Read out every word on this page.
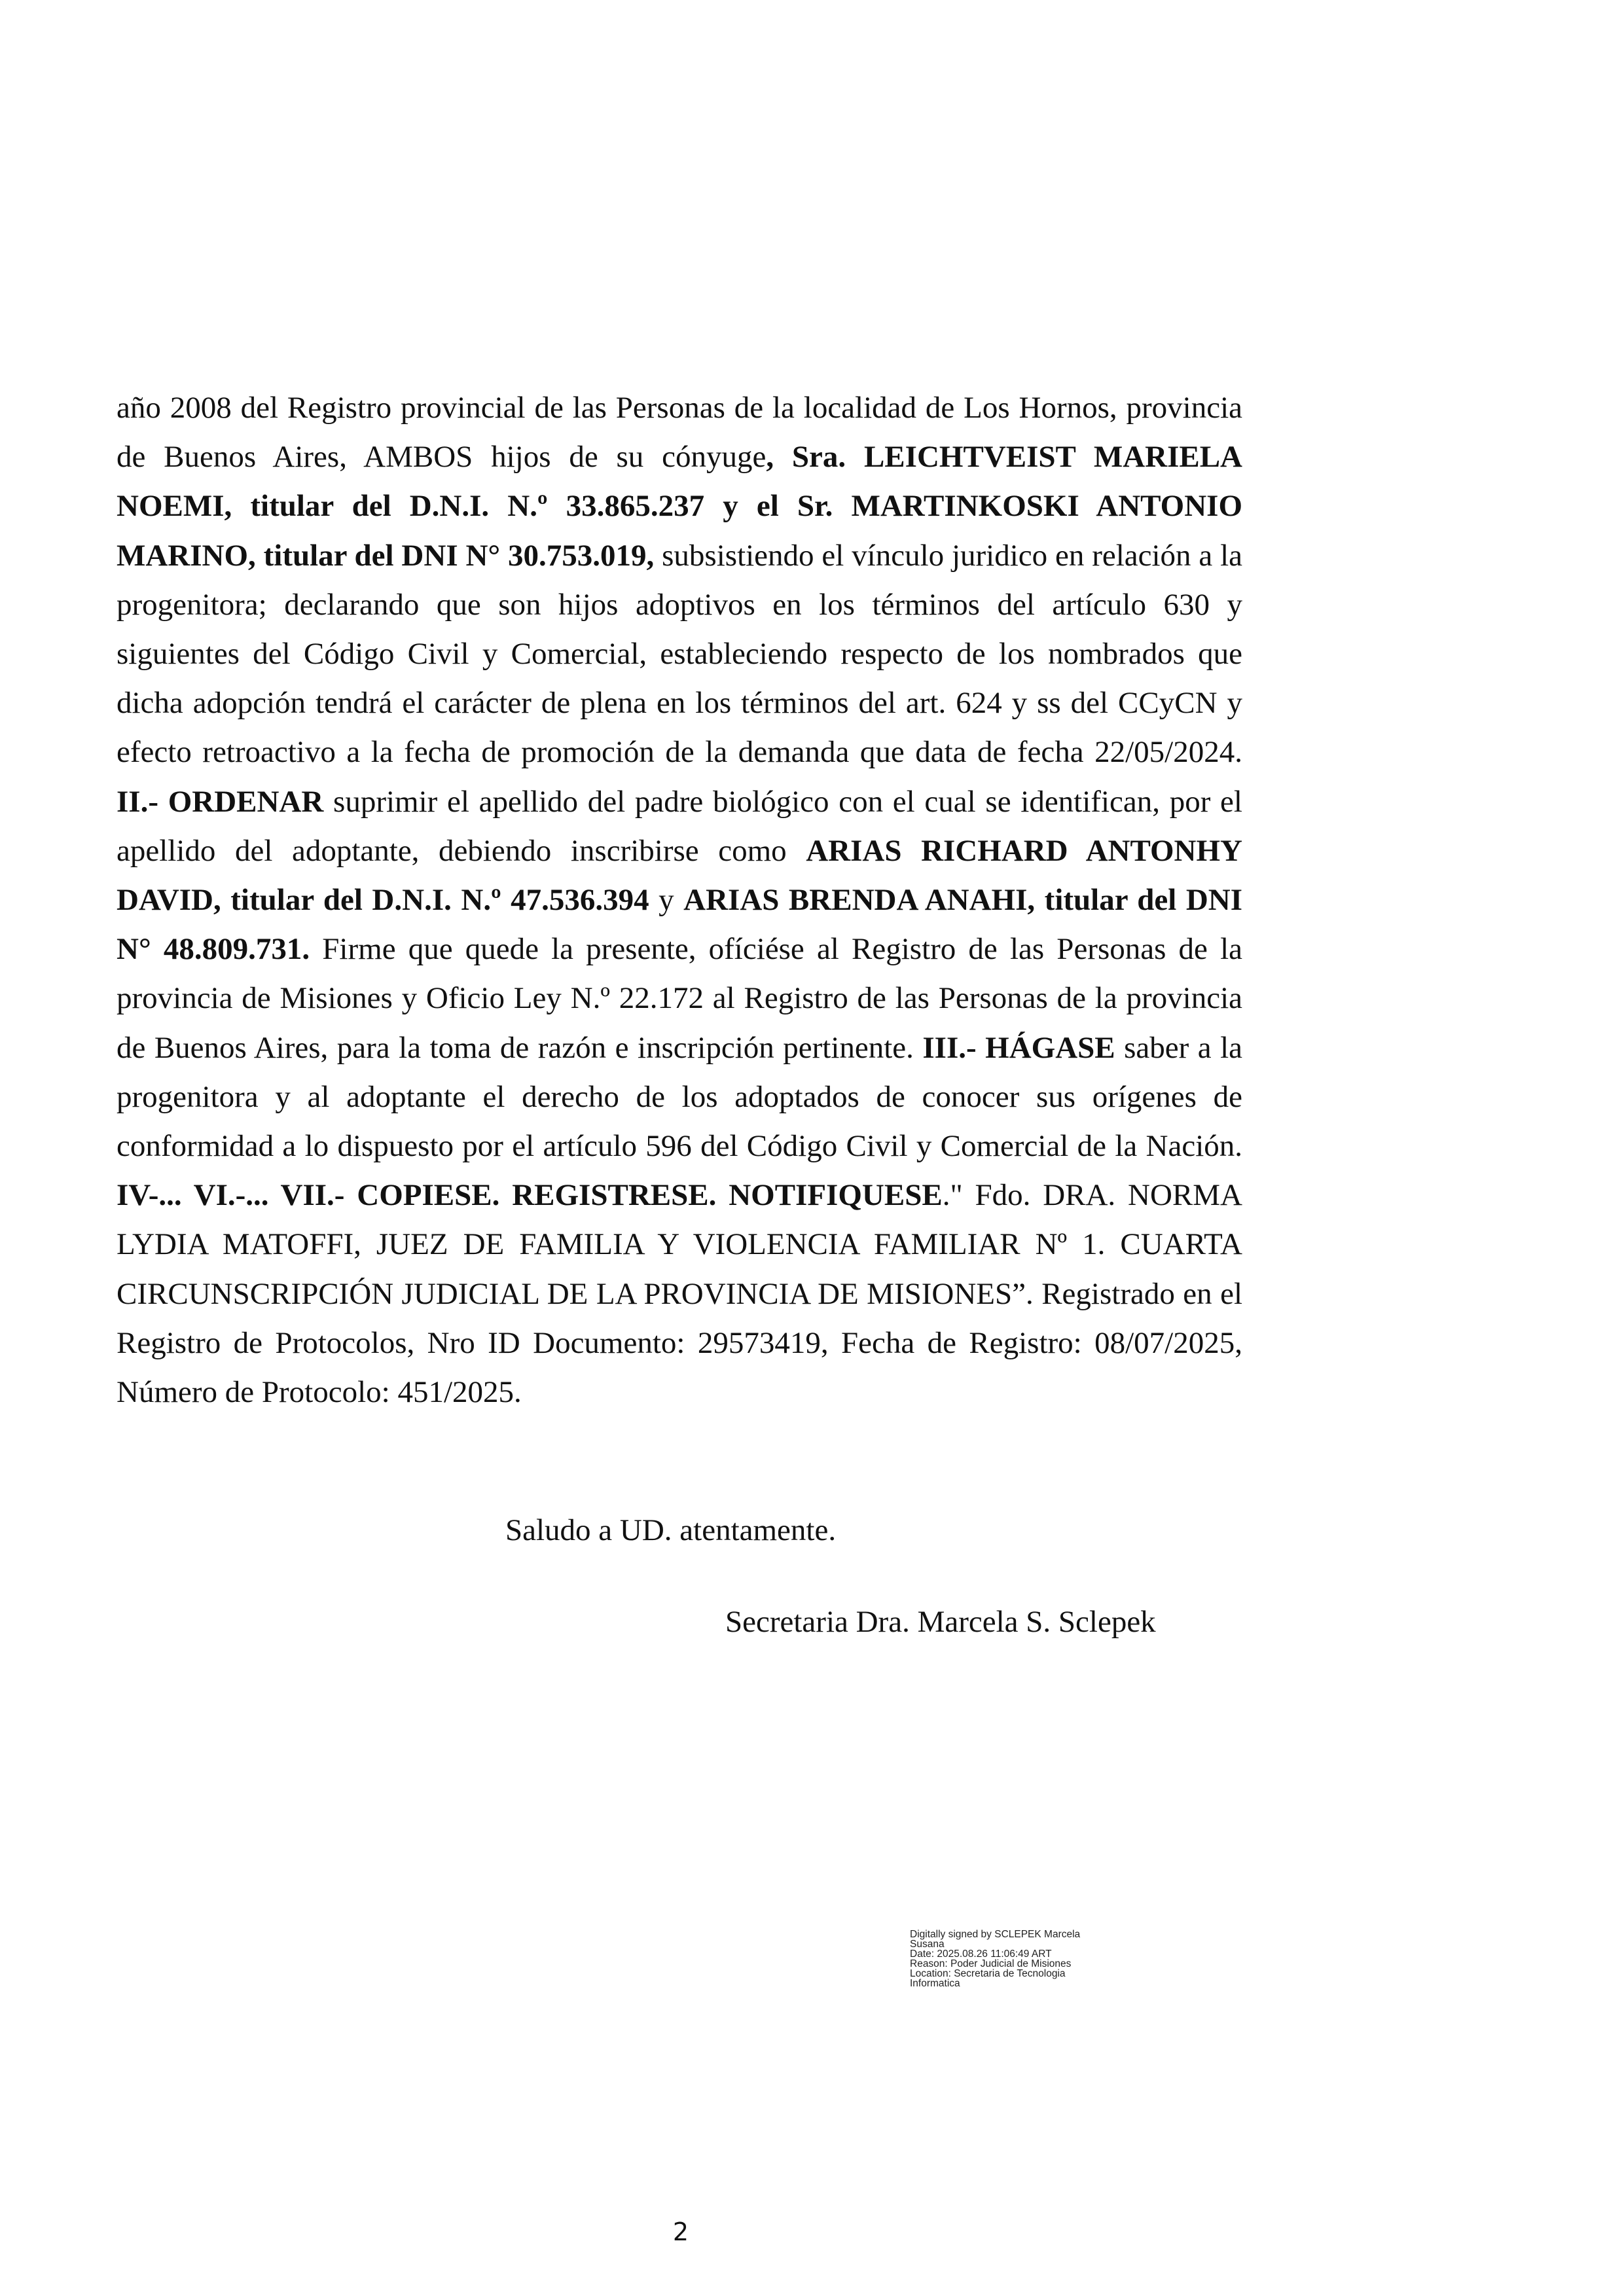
año 2008 del Registro provincial de las Personas de la localidad de Los Hornos, provincia de Buenos Aires, AMBOS hijos de su cónyuge, Sra. LEICHTVEIST MARIELA NOEMI, titular del D.N.I. N.º 33.865.237 y el Sr. MARTINKOSKI ANTONIO MARINO, titular del DNI N° 30.753.019, subsistiendo el vínculo juridico en relación a la progenitora; declarando que son hijos adoptivos en los términos del artículo 630 y siguientes del Código Civil y Comercial, estableciendo respecto de los nombrados que dicha adopción tendrá el carácter de plena en los términos del art. 624 y ss del CCyCN y efecto retroactivo a la fecha de promoción de la demanda que data de fecha 22/05/2024. II.- ORDENAR suprimir el apellido del padre biológico con el cual se identifican, por el apellido del adoptante, debiendo inscribirse como ARIAS RICHARD ANTONHY DAVID, titular del D.N.I. N.º 47.536.394 y ARIAS BRENDA ANAHI, titular del DNI N° 48.809.731. Firme que quede la presente, ofíciése al Registro de las Personas de la provincia de Misiones y Oficio Ley N.º 22.172 al Registro de las Personas de la provincia de Buenos Aires, para la toma de razón e inscripción pertinente. III.- HÁGASE saber a la progenitora y al adoptante el derecho de los adoptados de conocer sus orígenes de conformidad a lo dispuesto por el artículo 596 del Código Civil y Comercial de la Nación. IV-... VI.-... VII.- COPIESE. REGISTRESE. NOTIFIQUESE." Fdo. DRA. NORMA LYDIA MATOFFI, JUEZ DE FAMILIA Y VIOLENCIA FAMILIAR Nº 1. CUARTA CIRCUNSCRIPCIÓN JUDICIAL DE LA PROVINCIA DE MISIONES”. Registrado en el Registro de Protocolos, Nro ID Documento: 29573419, Fecha de Registro: 08/07/2025, Número de Protocolo: 451/2025.

Saludo a UD. atentamente.

Secretaria Dra. Marcela S. Sclepek

Digitally signed by SCLEPEK Marcela
Susana
Date: 2025.08.26 11:06:49 ART
Reason: Poder Judicial de Misiones
Location: Secretaria de Tecnologia
Informatica
2
